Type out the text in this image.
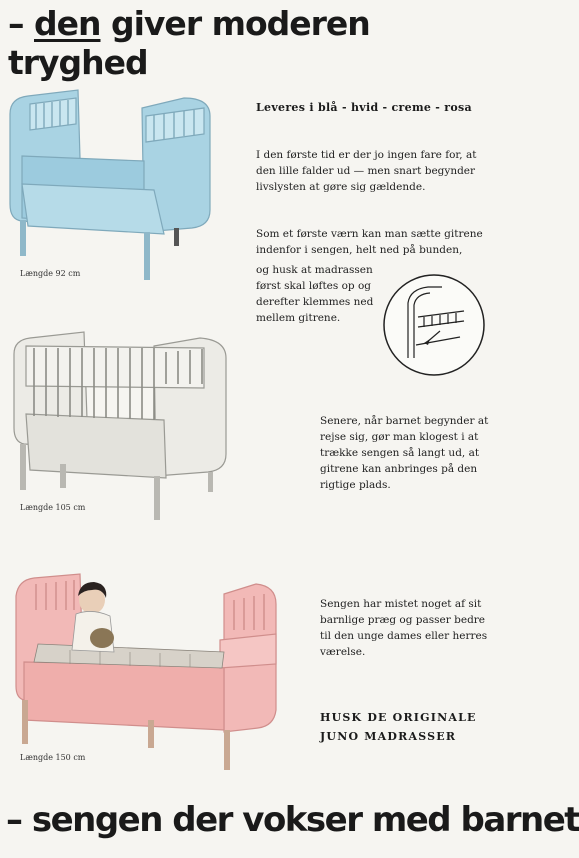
– den giver moderen tryghed
Længde 92 cm
Leveres i blå - hvid - creme - rosa
I den første tid er der jo ingen fare for, at den lille falder ud — men snart begynder livslysten at gøre sig gældende.
Som et første værn kan man sætte gitrene indenfor i sengen, helt ned på bunden,
og husk at madrassen først skal løftes op og derefter klemmes ned mellem gitrene.
Længde 105 cm
Senere, når barnet begynder at rejse sig, gør man klogest i at trække sengen så langt ud, at gitrene kan anbringes på den rigtige plads.
Længde 150 cm
Sengen har mistet noget af sit barnlige præg og passer bedre til den unge dames eller herres værelse.
HUSK DE ORIGINALE
JUNO MADRASSER
– sengen der vokser med barnet
